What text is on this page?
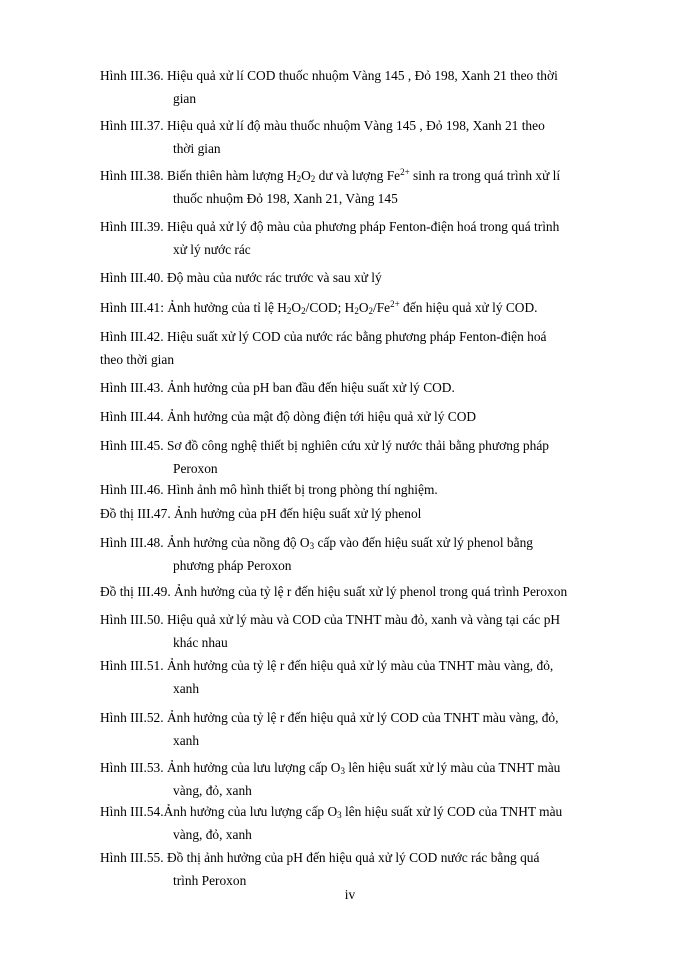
Hình III.36. Hiệu quả xử lí COD thuốc nhuộm Vàng 145 , Đỏ 198, Xanh 21 theo thời
gian
Hình III.37. Hiệu quả xử lí độ màu thuốc nhuộm Vàng 145 , Đỏ 198, Xanh 21 theo
thời gian
Hình III.38. Biến thiên hàm lượng $H_2O_2$ dư và lượng $Fe^{2+}$ sinh ra trong quá trình xử lí
thuốc nhuộm Đỏ 198, Xanh 21, Vàng 145
Hình III.39. Hiệu quả xử lý độ màu của phương pháp Fenton-điện hoá trong quá trình
xử lý nước rác
Hình III.40. Độ màu của nước rác trước và sau xử lý
Hình III.41: Ảnh hưởng của tỉ lệ $H_2O_2$/COD; $H_2O_2/Fe^{2+}$ đến hiệu quả xử lý COD.
Hình III.42. Hiệu suất xử lý COD của nước rác bằng phương pháp Fenton-điện hoá
theo thời gian
Hình III.43. Ảnh hưởng của pH ban đầu đến hiệu suất xử lý COD.
Hình III.44. Ảnh hưởng của mật độ dòng điện tới hiệu quả xử lý COD
Hình III.45. Sơ đồ công nghệ thiết bị nghiên cứu xử lý nước thải bằng phương pháp
Peroxon
Hình III.46. Hình ảnh mô hình thiết bị trong phòng thí nghiệm.
Đồ thị III.47. Ảnh hưởng của pH đến hiệu suất xử lý phenol
Hình III.48. Ảnh hưởng của nồng độ $O_3$ cấp vào đến hiệu suất xử lý phenol bằng
phương pháp Peroxon
Đồ thị III.49. Ảnh hưởng của tỷ lệ r đến hiệu suất xử lý phenol trong quá trình Peroxon
Hình III.50. Hiệu quả xử lý màu và COD của TNHT màu đỏ, xanh và vàng tại các pH
khác nhau
Hình III.51. Ảnh hưởng của tỷ lệ r đến hiệu quả xử lý màu của TNHT màu vàng, đỏ,
xanh
Hình III.52. Ảnh hưởng của tỷ lệ r đến hiệu quả xử lý COD của TNHT màu vàng, đỏ,
xanh
Hình III.53. Ảnh hưởng của lưu lượng cấp $O_3$ lên hiệu suất xử lý màu của TNHT màu
vàng, đỏ, xanh
Hình III.54.Ảnh hưởng của lưu lượng cấp $O_3$ lên hiệu suất xử lý COD của TNHT màu
vàng, đỏ, xanh
Hình III.55. Đồ thị ảnh hưởng của pH đến hiệu quả xử lý COD nước rác bằng quá
trình Peroxon
iv
